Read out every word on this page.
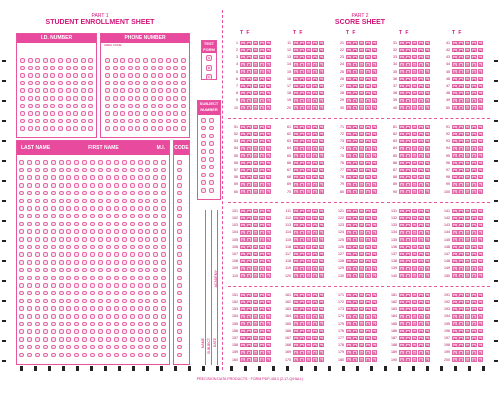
PART 1
STUDENT ENROLLMENT SHEET
I.D. NUMBER	PHONE NUMBER
AREA CODE
LAST NAME	FIRST NAME	M.I. CODE
TEST FORM
A
B
C
SUBJECT NUMBER
ACADEMY
NAME SUBJECT DATE
PART 2
SCORE SHEET
T F
1	A	B	C	D	E
2	A	B	C	D	E
3	A	B	C	D	E
4	A	B	C	D	E
5	A	B	C	D	E
6	A	B	C	D	E
7	A	B	C	D	E
8	A	B	C	D	E
9	A	B	C	D	E
10	A	B	C	D	E
T F
11	A	B	C	D	E
12	A	B	C	D	E
13	A	B	C	D	E
14	A	B	C	D	E
15	A	B	C	D	E
16	A	B	C	D	E
17	A	B	C	D	E
18	A	B	C	D	E
19	A	B	C	D	E
20	A	B	C	D	E
T F
21	A	B	C	D	E
22	A	B	C	D	E
23	A	B	C	D	E
24	A	B	C	D	E
25	A	B	C	D	E
26	A	B	C	D	E
27	A	B	C	D	E
28	A	B	C	D	E
29	A	B	C	D	E
30	A	B	C	D	E
T F
31	A	B	C	D	E
32	A	B	C	D	E
33	A	B	C	D	E
34	A	B	C	D	E
35	A	B	C	D	E
36	A	B	C	D	E
37	A	B	C	D	E
38	A	B	C	D	E
39	A	B	C	D	E
40	A	B	C	D	E
T F
41	A	B	C	D	E
42	A	B	C	D	E
43	A	B	C	D	E
44	A	B	C	D	E
45	A	B	C	D	E
46	A	B	C	D	E
47	A	B	C	D	E
48	A	B	C	D	E
49	A	B	C	D	E
50	A	B	C	D	E
51	A	B	C	D	E
52	A	B	C	D	E
53	A	B	C	D	E
54	A	B	C	D	E
55	A	B	C	D	E
56	A	B	C	D	E
57	A	B	C	D	E
58	A	B	C	D	E
59	A	B	C	D	E
60	A	B	C	D	E
61	A	B	C	D	E
62	A	B	C	D	E
63	A	B	C	D	E
64	A	B	C	D	E
65	A	B	C	D	E
66	A	B	C	D	E
67	A	B	C	D	E
68	A	B	C	D	E
69	A	B	C	D	E
70	A	B	C	D	E
71	A	B	C	D	E
72	A	B	C	D	E
73	A	B	C	D	E
74	A	B	C	D	E
75	A	B	C	D	E
76	A	B	C	D	E
77	A	B	C	D	E
78	A	B	C	D	E
79	A	B	C	D	E
80	A	B	C	D	E
81	A	B	C	D	E
82	A	B	C	D	E
83	A	B	C	D	E
84	A	B	C	D	E
85	A	B	C	D	E
86	A	B	C	D	E
87	A	B	C	D	E
88	A	B	C	D	E
89	A	B	C	D	E
90	A	B	C	D	E
91	A	B	C	D	E
92	A	B	C	D	E
93	A	B	C	D	E
94	A	B	C	D	E
95	A	B	C	D	E
96	A	B	C	D	E
97	A	B	C	D	E
98	A	B	C	D	E
99	A	B	C	D	E
100	A	B	C	D	E
101	A	B	C	D	E
102	A	B	C	D	E
103	A	B	C	D	E
104	A	B	C	D	E
105	A	B	C	D	E
106	A	B	C	D	E
107	A	B	C	D	E
108	A	B	C	D	E
109	A	B	C	D	E
110	A	B	C	D	E
111	A	B	C	D	E
112	A	B	C	D	E
113	A	B	C	D	E
114	A	B	C	D	E
115	A	B	C	D	E
116	A	B	C	D	E
117	A	B	C	D	E
118	A	B	C	D	E
119	A	B	C	D	E
120	A	B	C	D	E
121	A	B	C	D	E
122	A	B	C	D	E
123	A	B	C	D	E
124	A	B	C	D	E
125	A	B	C	D	E
126	A	B	C	D	E
127	A	B	C	D	E
128	A	B	C	D	E
129	A	B	C	D	E
130	A	B	C	D	E
131	A	B	C	D	E
132	A	B	C	D	E
133	A	B	C	D	E
134	A	B	C	D	E
135	A	B	C	D	E
136	A	B	C	D	E
137	A	B	C	D	E
138	A	B	C	D	E
139	A	B	C	D	E
140	A	B	C	D	E
141	A	B	C	D	E
142	A	B	C	D	E
143	A	B	C	D	E
144	A	B	C	D	E
145	A	B	C	D	E
146	A	B	C	D	E
147	A	B	C	D	E
148	A	B	C	D	E
149	A	B	C	D	E
150	A	B	C	D	E
151	A	B	C	D	E
152	A	B	C	D	E
153	A	B	C	D	E
154	A	B	C	D	E
155	A	B	C	D	E
156	A	B	C	D	E
157	A	B	C	D	E
158	A	B	C	D	E
159	A	B	C	D	E
160	A	B	C	D	E
161	A	B	C	D	E
162	A	B	C	D	E
163	A	B	C	D	E
164	A	B	C	D	E
165	A	B	C	D	E
166	A	B	C	D	E
167	A	B	C	D	E
168	A	B	C	D	E
169	A	B	C	D	E
170	A	B	C	D	E
171	A	B	C	D	E
172	A	B	C	D	E
173	A	B	C	D	E
174	A	B	C	D	E
175	A	B	C	D	E
176	A	B	C	D	E
177	A	B	C	D	E
178	A	B	C	D	E
179	A	B	C	D	E
180	A	B	C	D	E
181	A	B	C	D	E
182	A	B	C	D	E
183	A	B	C	D	E
184	A	B	C	D	E
185	A	B	C	D	E
186	A	B	C	D	E
187	A	B	C	D	E
188	A	B	C	D	E
189	A	B	C	D	E
190	A	B	C	D	E
191	A	B	C	D	E
192	A	B	C	D	E
193	A	B	C	D	E
194	A	B	C	D	E
195	A	B	C	D	E
196	A	B	C	D	E
197	A	B	C	D	E
198	A	B	C	D	E
199	A	B	C	D	E
200	A	B	C	D	E
PRECISION DATA PRODUCTS · FORM PDP-4513 (2-17-Q/HALL)
